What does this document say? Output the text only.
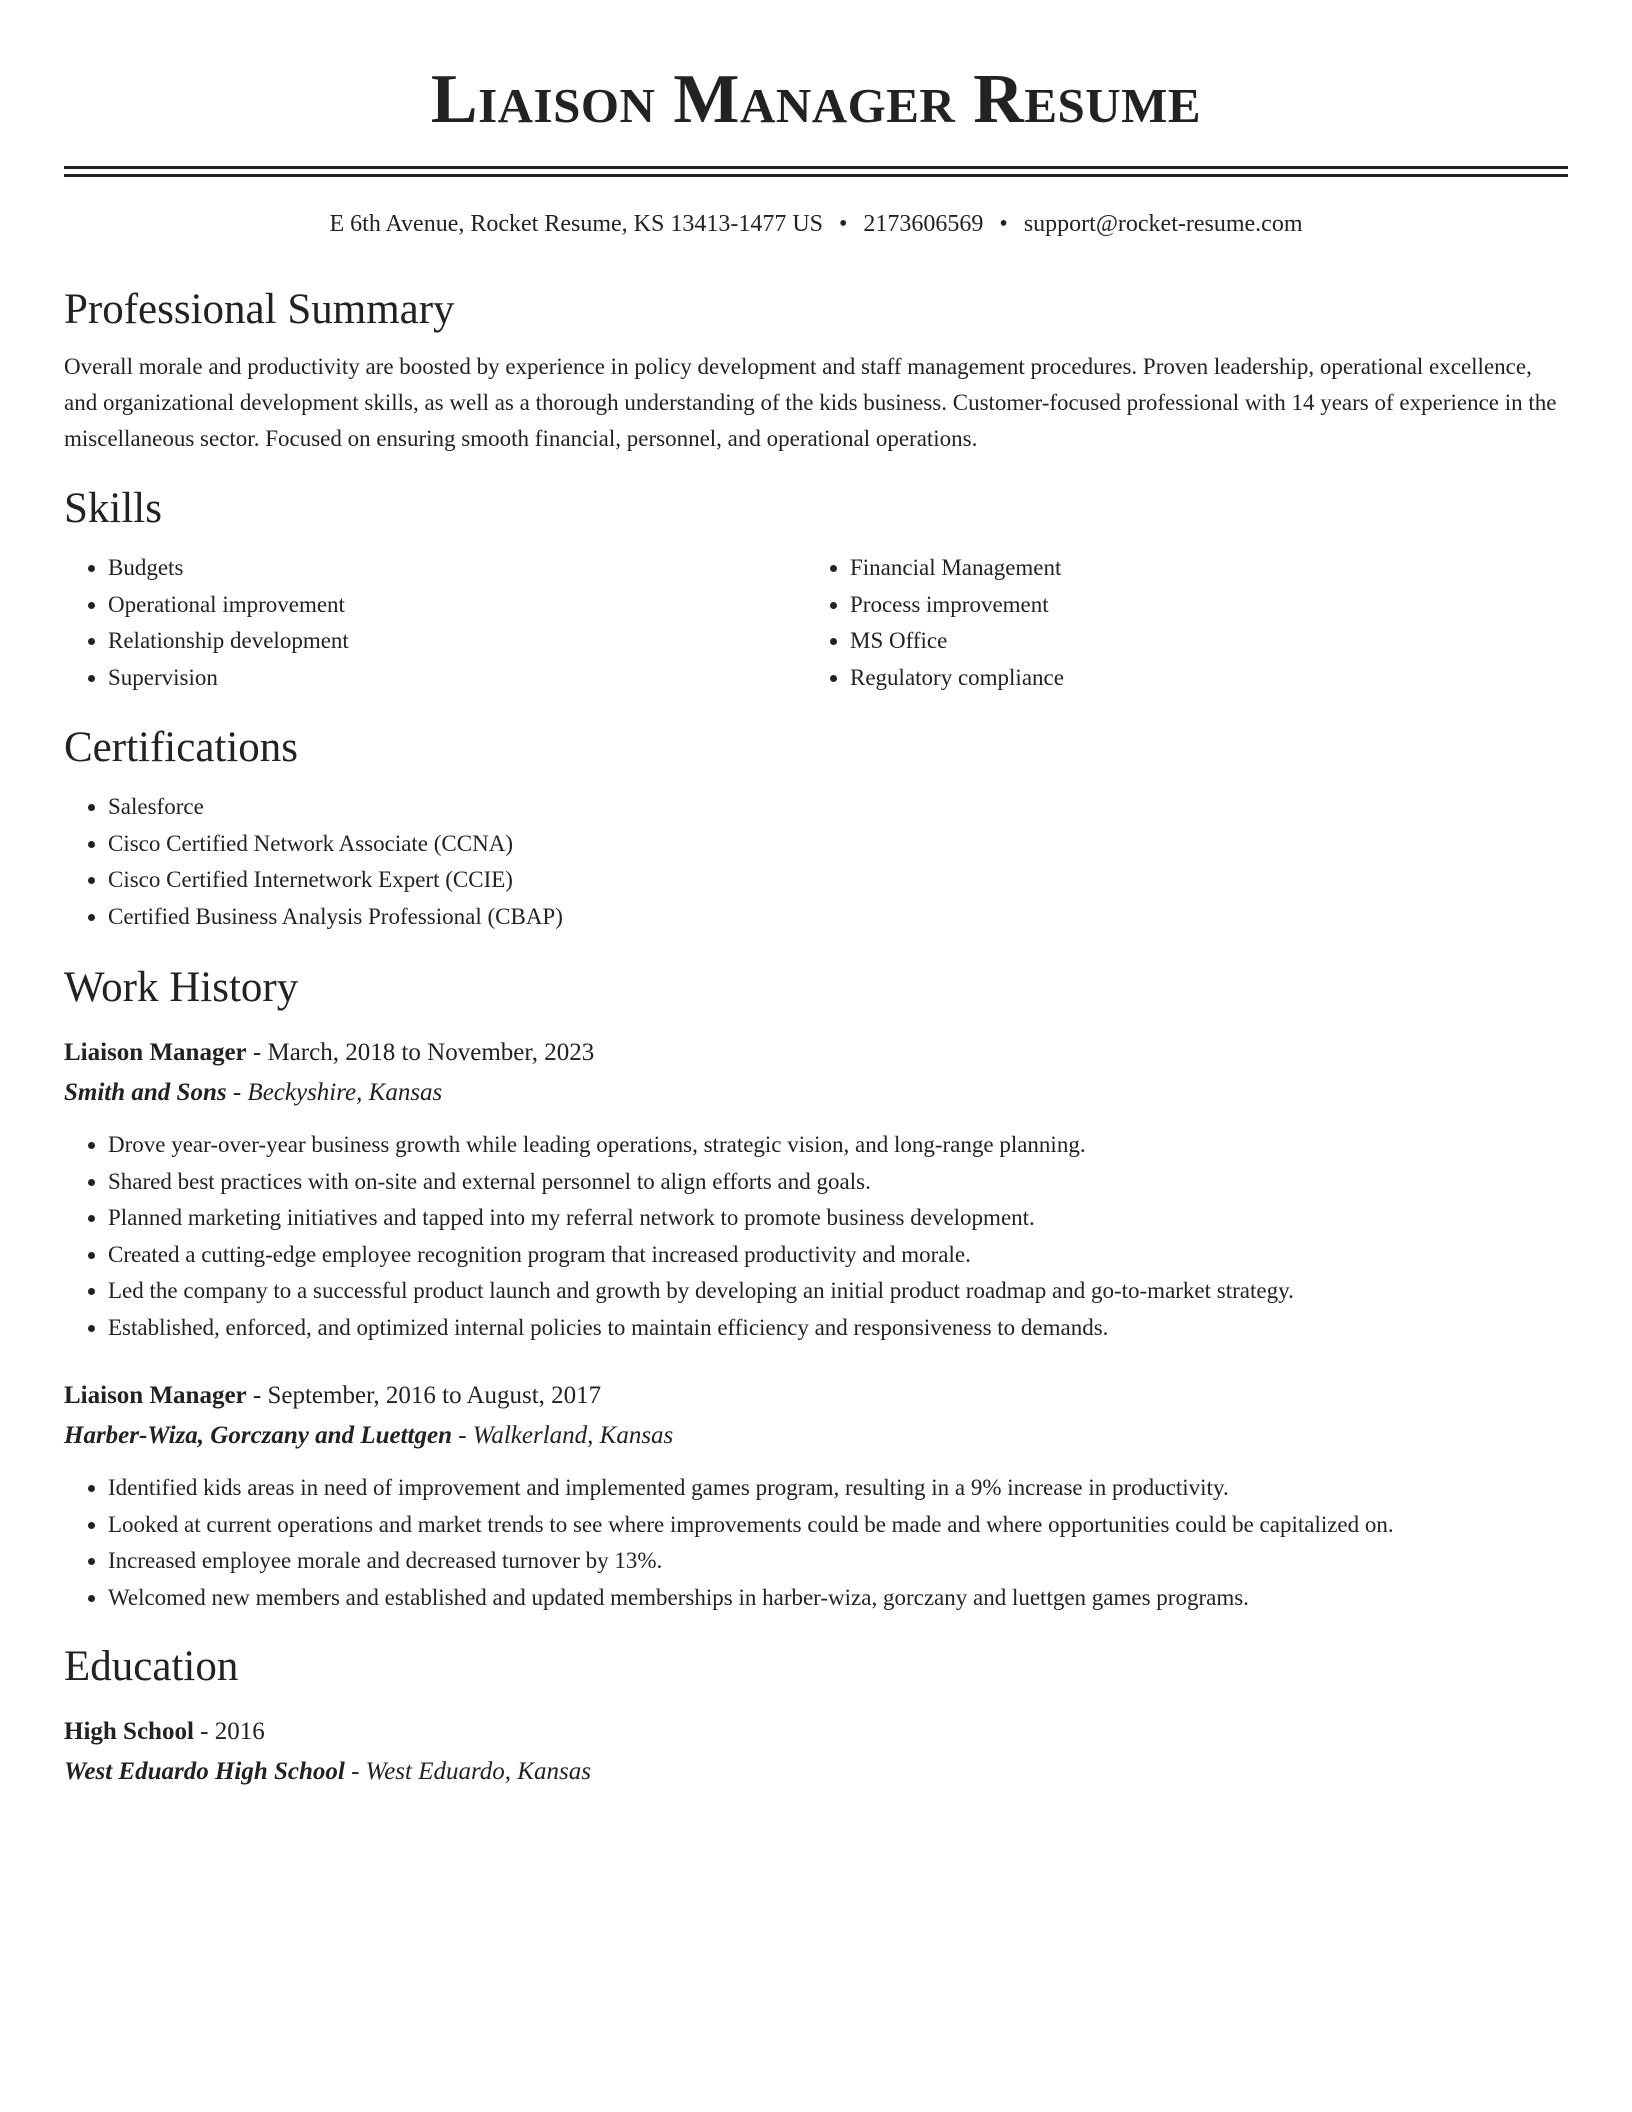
Liaison Manager Resume
E 6th Avenue, Rocket Resume, KS 13413-1477 US • 2173606569 • support@rocket-resume.com
Professional Summary
Overall morale and productivity are boosted by experience in policy development and staff management procedures. Proven leadership, operational excellence, and organizational development skills, as well as a thorough understanding of the kids business. Customer-focused professional with 14 years of experience in the miscellaneous sector. Focused on ensuring smooth financial, personnel, and operational operations.
Skills
• Budgets
• Operational improvement
• Relationship development
• Supervision
• Financial Management
• Process improvement
• MS Office
• Regulatory compliance
Certifications
• Salesforce
• Cisco Certified Network Associate (CCNA)
• Cisco Certified Internetwork Expert (CCIE)
• Certified Business Analysis Professional (CBAP)
Work History
Liaison Manager - March, 2018 to November, 2023
Smith and Sons - Beckyshire, Kansas
• Drove year-over-year business growth while leading operations, strategic vision, and long-range planning.
• Shared best practices with on-site and external personnel to align efforts and goals.
• Planned marketing initiatives and tapped into my referral network to promote business development.
• Created a cutting-edge employee recognition program that increased productivity and morale.
• Led the company to a successful product launch and growth by developing an initial product roadmap and go-to-market strategy.
• Established, enforced, and optimized internal policies to maintain efficiency and responsiveness to demands.
Liaison Manager - September, 2016 to August, 2017
Harber-Wiza, Gorczany and Luettgen - Walkerland, Kansas
• Identified kids areas in need of improvement and implemented games program, resulting in a 9% increase in productivity.
• Looked at current operations and market trends to see where improvements could be made and where opportunities could be capitalized on.
• Increased employee morale and decreased turnover by 13%.
• Welcomed new members and established and updated memberships in harber-wiza, gorczany and luettgen games programs.
Education
High School - 2016
West Eduardo High School - West Eduardo, Kansas
